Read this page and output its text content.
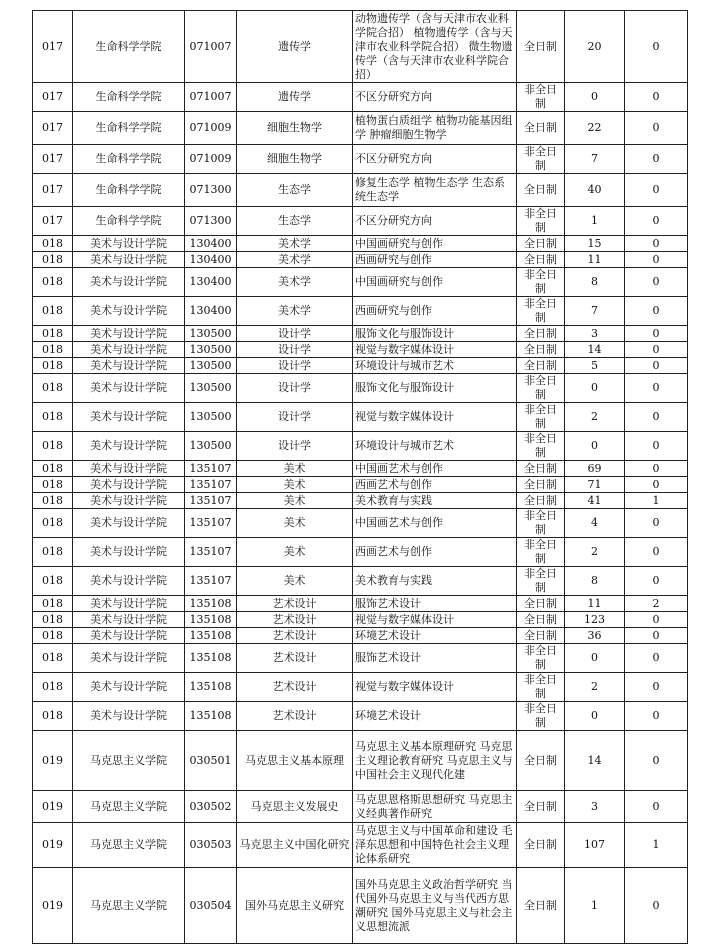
017	生命科学学院	071007	遗传学	动物遗传学（含与天津市农业科学院合招） 植物遗传学（含与天津市农业科学院合招） 微生物遗传学（含与天津市农业科学院合招）	全日制	20	0
017	生命科学学院	071007	遗传学	不区分研究方向	非全日制	0	0
017	生命科学学院	071009	细胞生物学	植物蛋白质组学 植物功能基因组学 肿瘤细胞生物学	全日制	22	0
017	生命科学学院	071009	细胞生物学	不区分研究方向	非全日制	7	0
017	生命科学学院	071300	生态学	修复生态学 植物生态学 生态系统生态学	全日制	40	0
017	生命科学学院	071300	生态学	不区分研究方向	非全日制	1	0
018	美术与设计学院	130400	美术学	中国画研究与创作	全日制	15	0
018	美术与设计学院	130400	美术学	西画研究与创作	全日制	11	0
018	美术与设计学院	130400	美术学	中国画研究与创作	非全日制	8	0
018	美术与设计学院	130400	美术学	西画研究与创作	非全日制	7	0
018	美术与设计学院	130500	设计学	服饰文化与服饰设计	全日制	3	0
018	美术与设计学院	130500	设计学	视觉与数字媒体设计	全日制	14	0
018	美术与设计学院	130500	设计学	环境设计与城市艺术	全日制	5	0
018	美术与设计学院	130500	设计学	服饰文化与服饰设计	非全日制	0	0
018	美术与设计学院	130500	设计学	视觉与数字媒体设计	非全日制	2	0
018	美术与设计学院	130500	设计学	环境设计与城市艺术	非全日制	0	0
018	美术与设计学院	135107	美术	中国画艺术与创作	全日制	69	0
018	美术与设计学院	135107	美术	西画艺术与创作	全日制	71	0
018	美术与设计学院	135107	美术	美术教育与实践	全日制	41	1
018	美术与设计学院	135107	美术	中国画艺术与创作	非全日制	4	0
018	美术与设计学院	135107	美术	西画艺术与创作	非全日制	2	0
018	美术与设计学院	135107	美术	美术教育与实践	非全日制	8	0
018	美术与设计学院	135108	艺术设计	服饰艺术设计	全日制	11	2
018	美术与设计学院	135108	艺术设计	视觉与数字媒体设计	全日制	123	0
018	美术与设计学院	135108	艺术设计	环境艺术设计	全日制	36	0
018	美术与设计学院	135108	艺术设计	服饰艺术设计	非全日制	0	0
018	美术与设计学院	135108	艺术设计	视觉与数字媒体设计	非全日制	2	0
018	美术与设计学院	135108	艺术设计	环境艺术设计	非全日制	0	0
019	马克思主义学院	030501	马克思主义基本原理	马克思主义基本原理研究 马克思主义理论教育研究 马克思主义与中国社会主义现代化建	全日制	14	0
019	马克思主义学院	030502	马克思主义发展史	马克思恩格斯思想研究 马克思主义经典著作研究	全日制	3	0
019	马克思主义学院	030503	马克思主义中国化研究	马克思主义与中国革命和建设 毛泽东思想和中国特色社会主义理论体系研究	全日制	107	1
019	马克思主义学院	030504	国外马克思主义研究	国外马克思主义政治哲学研究 当代国外马克思主义与当代西方思潮研究 国外马克思主义与社会主义思想流派	全日制	1	0
